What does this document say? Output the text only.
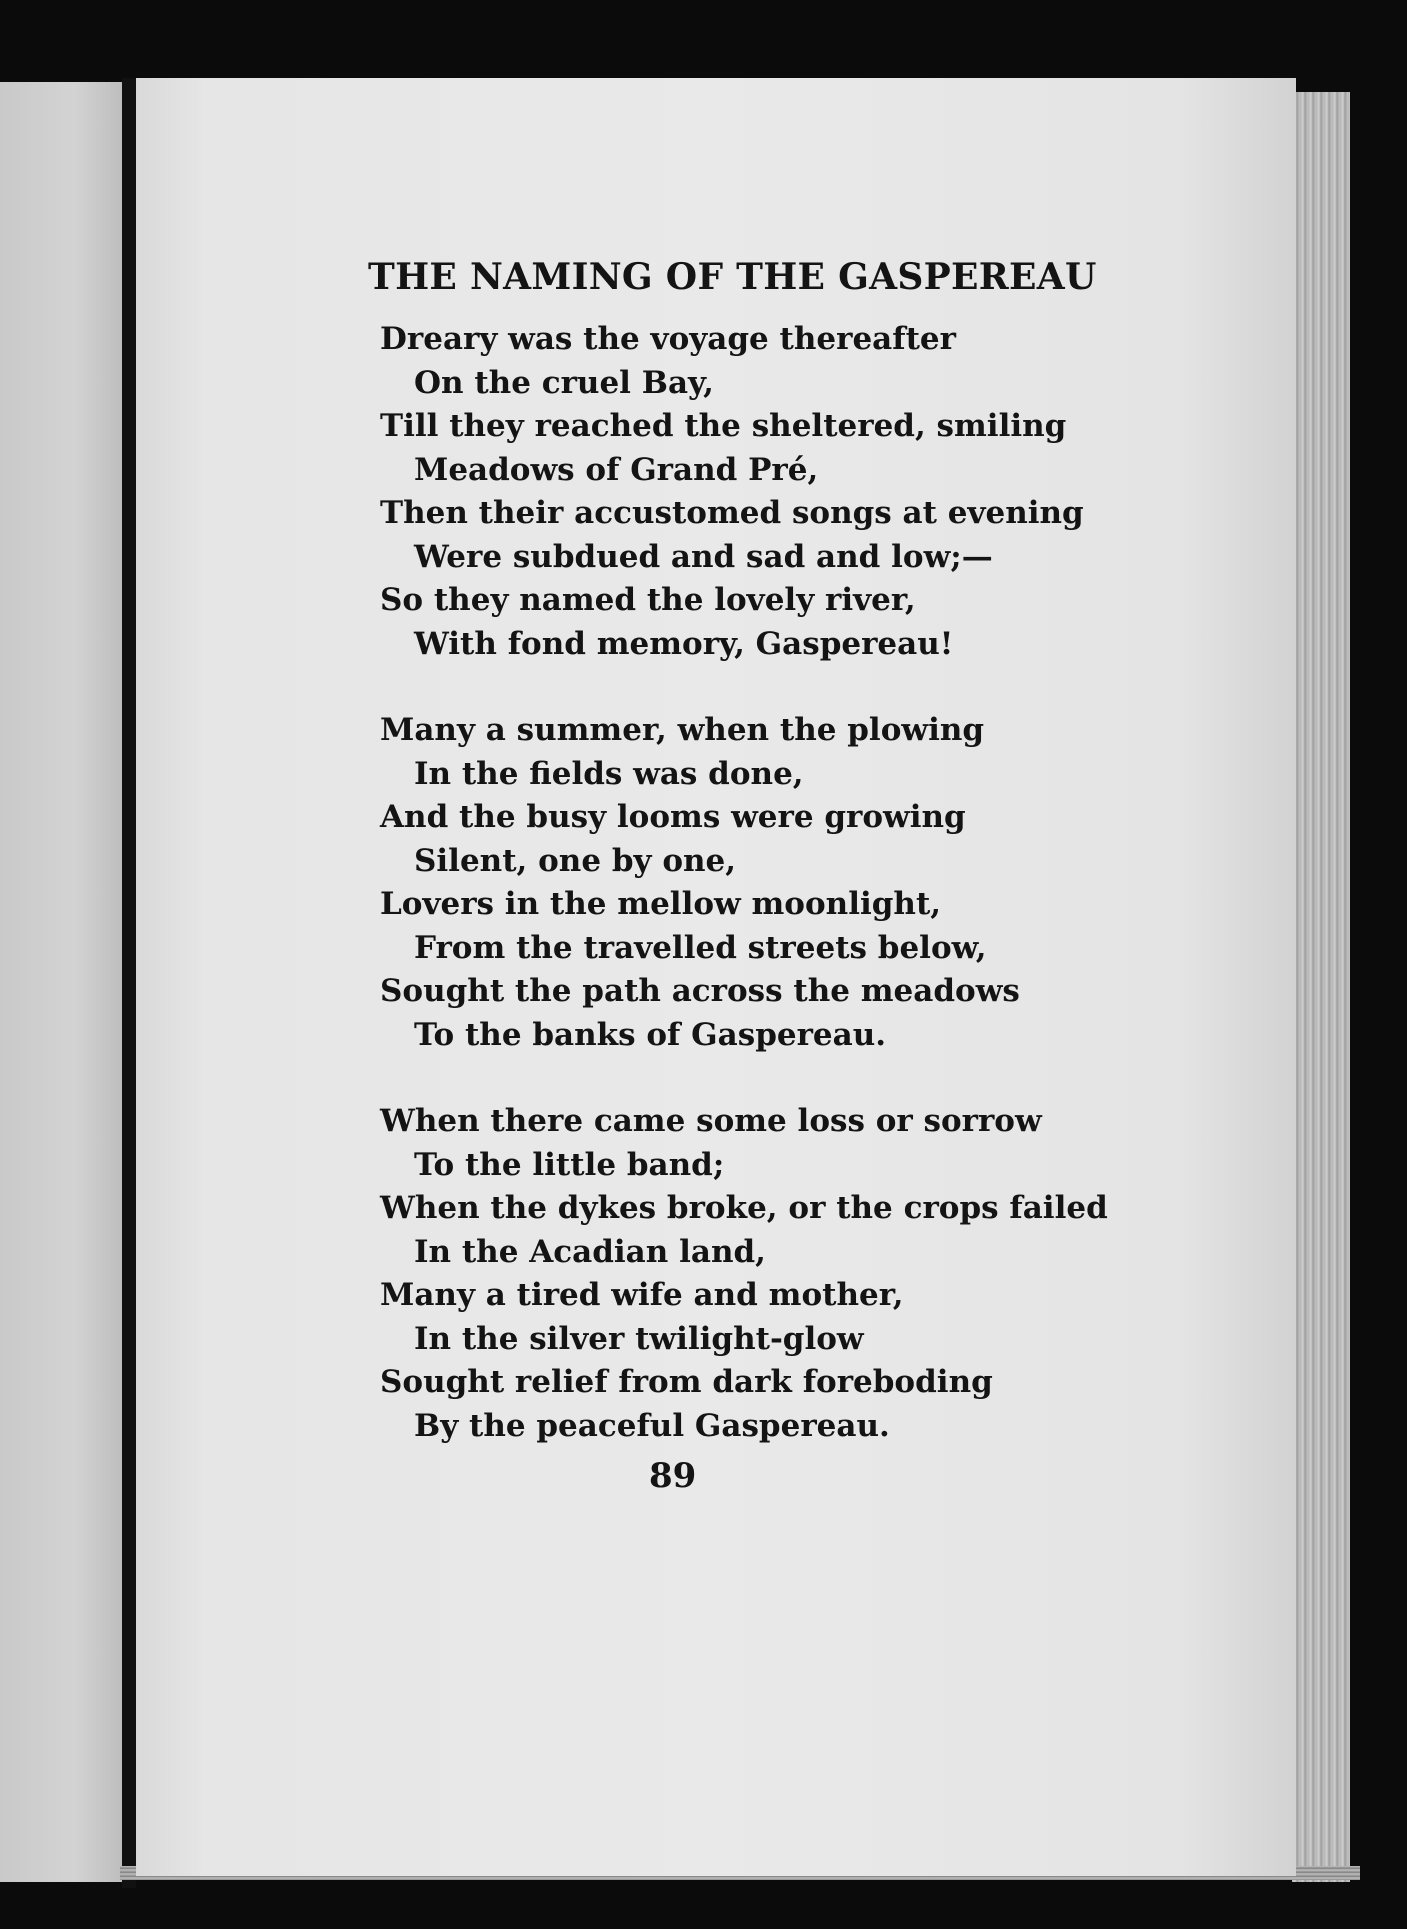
THE NAMING OF THE GASPEREAU
Dreary was the voyage thereafter
On the cruel Bay,
Till they reached the sheltered, smiling
Meadows of Grand Pré,
Then their accustomed songs at evening
Were subdued and sad and low;—
So they named the lovely river,
With fond memory, Gaspereau!
Many a summer, when the plowing
In the fields was done,
And the busy looms were growing
Silent, one by one,
Lovers in the mellow moonlight,
From the travelled streets below,
Sought the path across the meadows
To the banks of Gaspereau.
When there came some loss or sorrow
To the little band;
When the dykes broke, or the crops failed
In the Acadian land,
Many a tired wife and mother,
In the silver twilight-glow
Sought relief from dark foreboding
By the peaceful Gaspereau.

89
